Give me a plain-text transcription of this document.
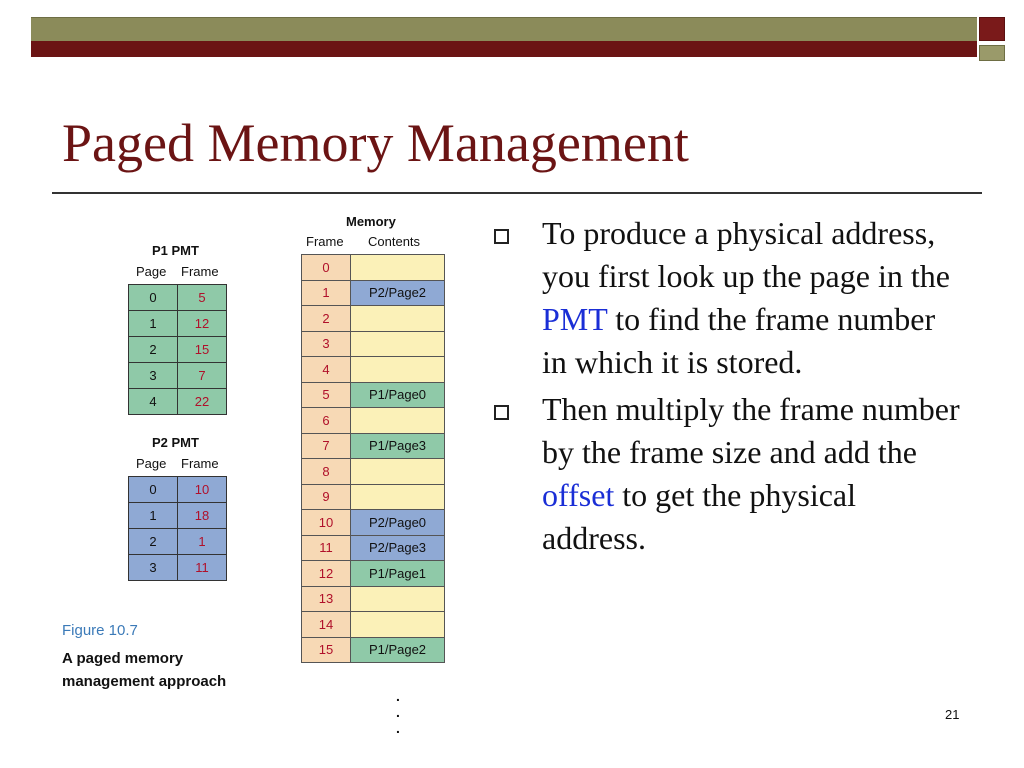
Paged Memory Management
P1 PMT
Page Frame
0	5
1	12
2	15
3	7
4	22
P2 PMT
Page Frame
0	10
1	18
2	1
3	11
Memory
Frame Contents
0	
1	P2/Page2
2	
3	
4	
5	P1/Page0
6	
7	P1/Page3
8	
9	
10	P2/Page0
11	P2/Page3
12	P1/Page1
13	
14	
15	P1/Page2
.
.
.
Figure 10.7
A paged memory management approach
To produce a physical address, you first look up the page in the PMT to find the frame number in which it is stored.
Then multiply the frame number by the frame size and add the offset to get the physical address.
21
